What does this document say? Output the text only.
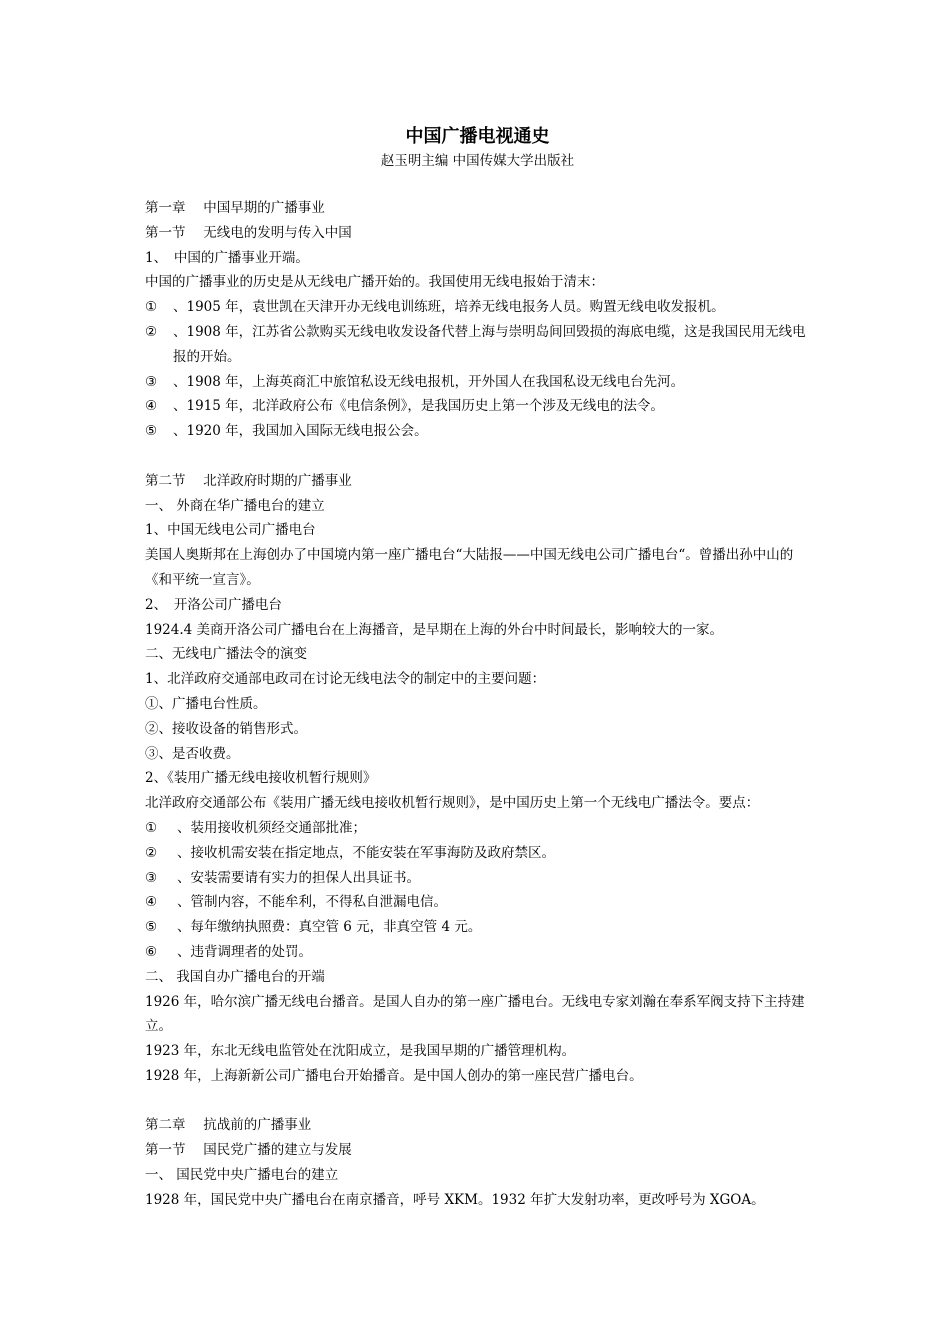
中国广播电视通史

赵玉明主编 中国传媒大学出版社

第一章　 中国早期的广播事业

第一节　 无线电的发明与传入中国

1、　中国的广播事业开端。

中国的广播事业的历史是从无线电广播开始的。我国使用无线电报始于清末：

①	、1905 年，袁世凯在天津开办无线电训练班，培养无线电报务人员。购置无线电收发报机。
②	、1908 年，江苏省公款购买无线电收发设备代替上海与崇明岛间回毁损的海底电缆，这是我国民用无线电报的开始。
③	、1908 年，上海英商汇中旅馆私设无线电报机，开外国人在我国私设无线电台先河。
④	、1915 年，北洋政府公布《电信条例》，是我国历史上第一个涉及无线电的法令。
⑤	、1920 年，我国加入国际无线电报公会。

第二节　 北洋政府时期的广播事业

一、 外商在华广播电台的建立

1、中国无线电公司广播电台

美国人奥斯邦在上海创办了中国境内第一座广播电台“大陆报——中国无线电公司广播电台“。曾播出孙中山的《和平统一宣言》。

2、　开洛公司广播电台

1924.4 美商开洛公司广播电台在上海播音，是早期在上海的外台中时间最长，影响较大的一家。

二、无线电广播法令的演变

1、北洋政府交通部电政司在讨论无线电法令的制定中的主要问题：

①、广播电台性质。

②、接收设备的销售形式。

③、是否收费。

2、《装用广播无线电接收机暂行规则》

北洋政府交通部公布《装用广播无线电接收机暂行规则》，是中国历史上第一个无线电广播法令。要点：

①	、装用接收机须经交通部批准；
②	、接收机需安装在指定地点，不能安装在军事海防及政府禁区。
③	、安装需要请有实力的担保人出具证书。
④	、管制内容，不能牟利，不得私自泄漏电信。
⑤	、每年缴纳执照费：真空管 6 元，非真空管 4 元。
⑥	、违背调理者的处罚。

二、 我国自办广播电台的开端

1926 年，哈尔滨广播无线电台播音。是国人自办的第一座广播电台。无线电专家刘瀚在奉系军阀支持下主持建立。

1923 年，东北无线电监管处在沈阳成立，是我国早期的广播管理机构。

1928 年，上海新新公司广播电台开始播音。是中国人创办的第一座民营广播电台。

第二章　 抗战前的广播事业

第一节　 国民党广播的建立与发展

一、 国民党中央广播电台的建立

1928 年，国民党中央广播电台在南京播音，呼号 XKM。1932 年扩大发射功率，更改呼号为 XGOA。
